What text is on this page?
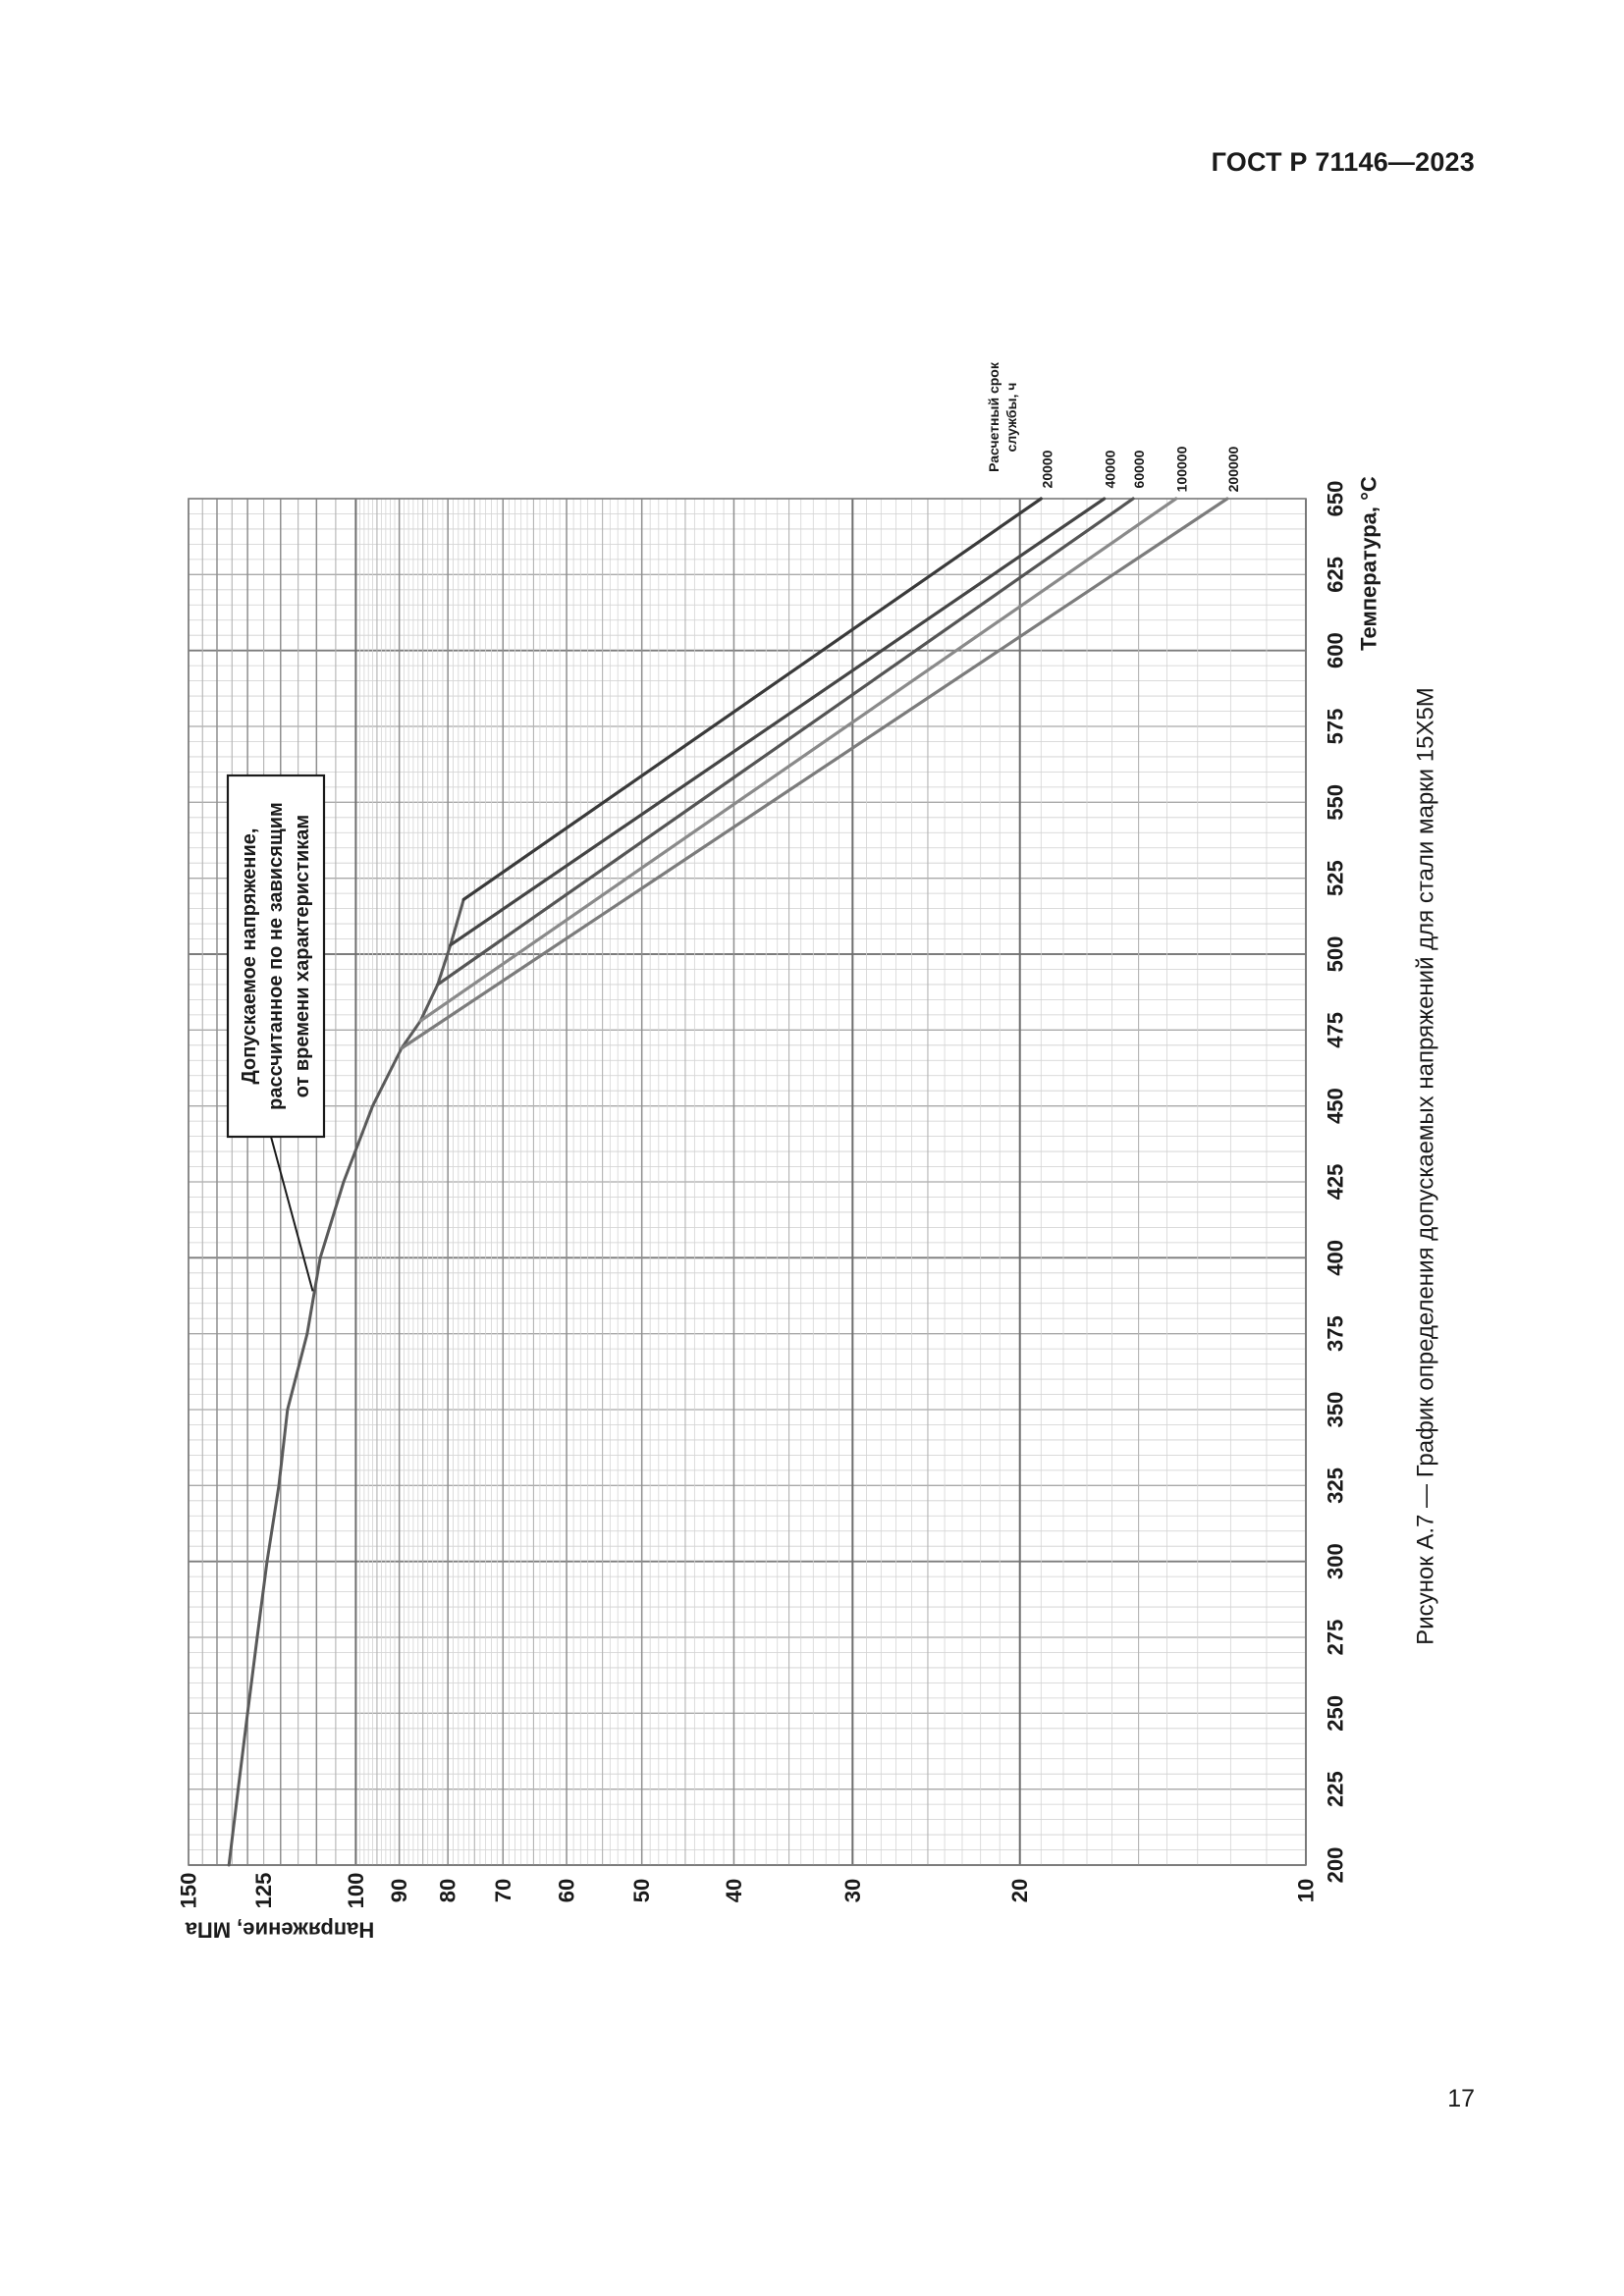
ГОСТ Р 71146—2023
200
225
250
275
300
325
350
375
400
425
450
475
500
525
550
575
600
625
650
10
20
30
40
50
60
70
80
90
100
125
150
Температура, °С
Напряжение, МПа
Расчетный срок службы, ч
20000	40000 60000 100000	200000
Допускаемое напряжение, рассчитанное по не зависящим от времени характеристикам	Рисунок А.7 — График определения допускаемых напряжений для стали марки 15Х5М
17
